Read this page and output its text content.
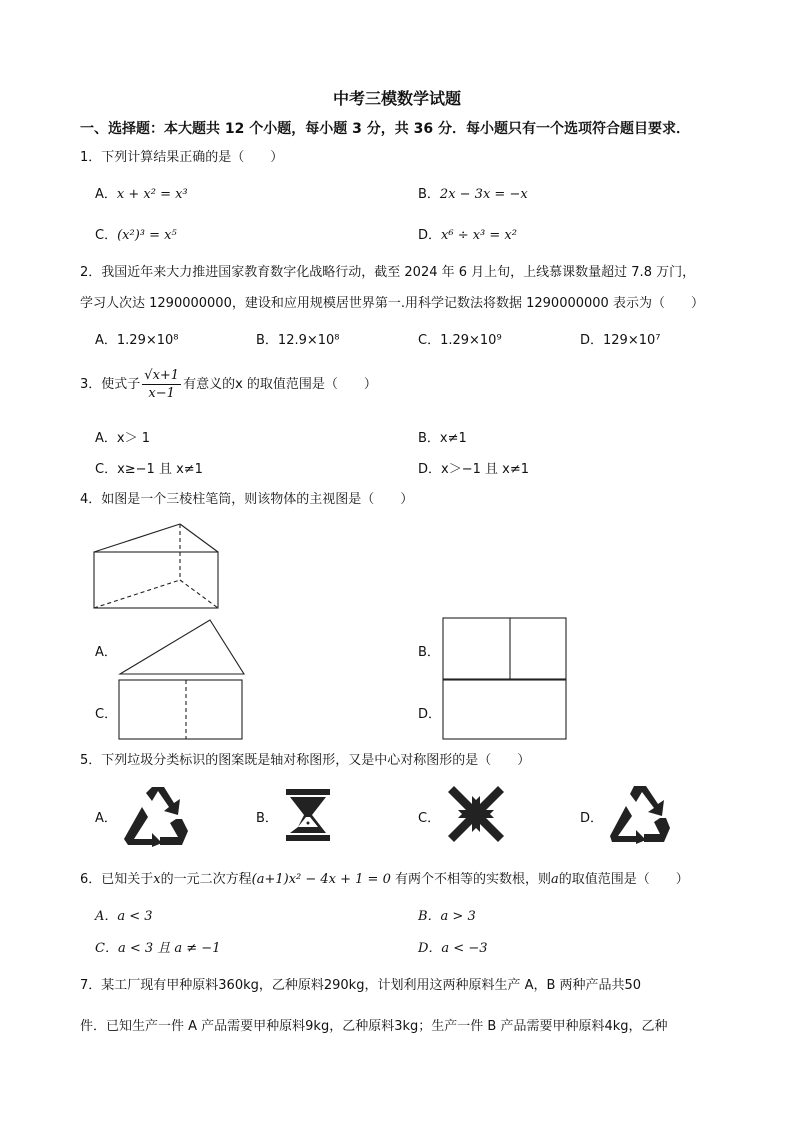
中考三模数学试题
一、选择题：本大题共 12 个小题，每小题 3 分，共 36 分．每小题只有一个选项符合题目要求．
1．下列计算结果正确的是（　　）
A．x + x² = x³	B．2x − 3x = −x
C．(x²)³ = x⁵	D．x⁶ ÷ x³ = x²
2．我国近年来大力推进国家教育数字化战略行动，截至 2024 年 6 月上旬，上线慕课数量超过 7.8 万门，
学习人次达 1290000000，建设和应用规模居世界第一.用科学记数法将数据 1290000000 表示为（　　）
A．1.29×10⁸	B．12.9×10⁸	C．1.29×10⁹	D．129×10⁷
3．使式子 $\frac{√x+1}{x-1}$ 有意义的x 的取值范围是（　　）
A．x＞ 1	B．x≠1
C．x≥−1 且 x≠1	D．x＞−1 且 x≠1
4．如图是一个三棱柱笔筒，则该物体的主视图是（　　）
A．	B．
C．	D．
5．下列垃圾分类标识的图案既是轴对称图形，又是中心对称图形的是（　　）
A．	B．	C．	D．
6．已知关于x的一元二次方程(a+1)x² − 4x + 1 = 0 有两个不相等的实数根，则a的取值范围是（　　）
A．a < 3	B．a > 3
C．a < 3 且 a ≠ −1	D．a < −3
7．某工厂现有甲种原料360kg，乙种原料290kg，计划利用这两种原料生产 A，B 两种产品共50
件．已知生产一件 A 产品需要甲种原料9kg，乙种原料3kg；生产一件 B 产品需要甲种原料4kg，乙种
